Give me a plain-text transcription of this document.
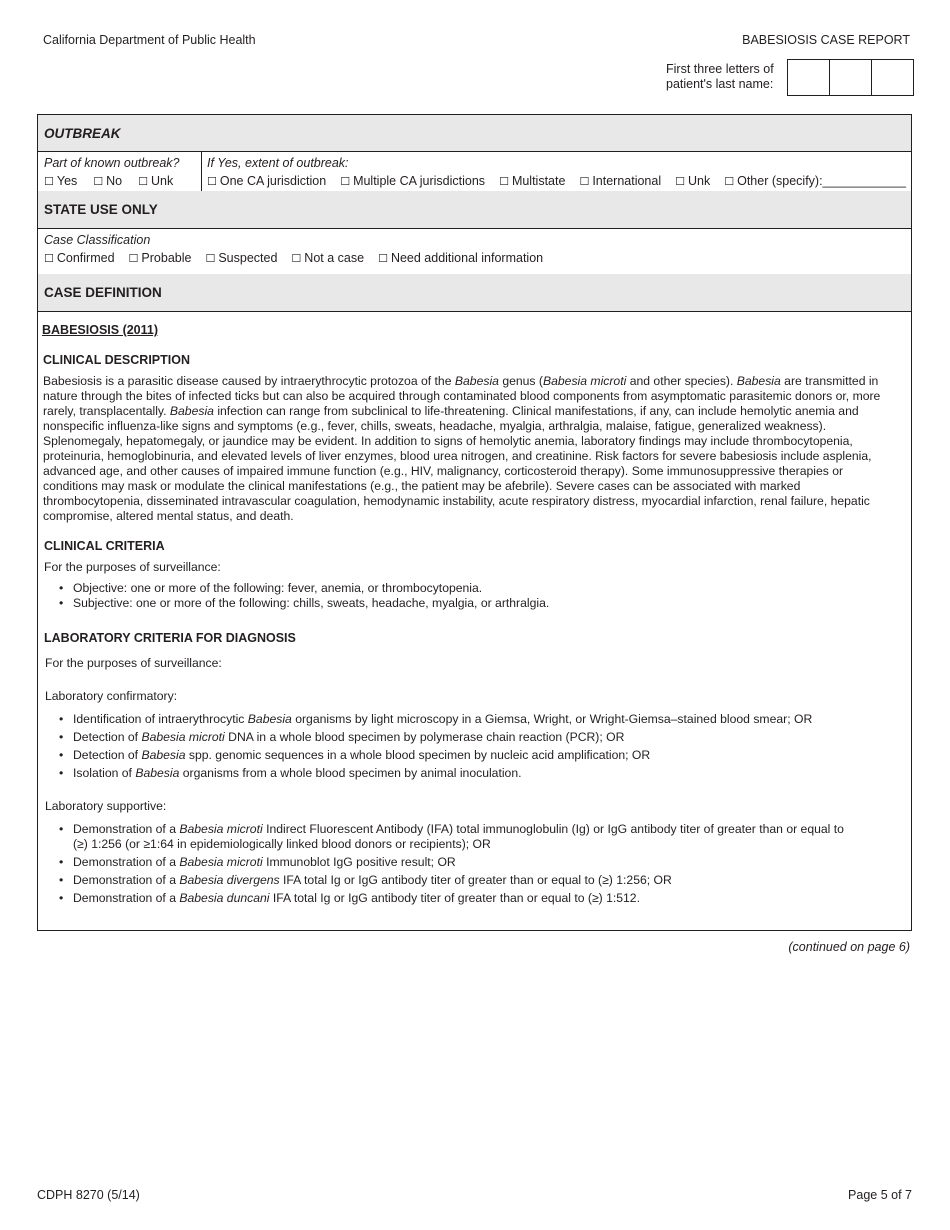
California Department of Public Health	BABESIOSIS CASE REPORT
First three letters of patient's last name:
OUTBREAK
Part of known outbreak?
☐ Yes ☐ No ☐ Unk
If Yes, extent of outbreak:
☐ One CA jurisdiction ☐ Multiple CA jurisdictions ☐ Multistate ☐ International ☐ Unk ☐ Other (specify):____________
STATE USE ONLY
Case Classification
☐ Confirmed ☐ Probable ☐ Suspected ☐ Not a case ☐ Need additional information
CASE DEFINITION
BABESIOSIS (2011)
CLINICAL DESCRIPTION

Babesiosis is a parasitic disease caused by intraerythrocytic protozoa of the Babesia genus (Babesia microti and other species). Babesia are transmitted in nature through the bites of infected ticks but can also be acquired through contaminated blood components from asymptomatic parasitemic donors or, more rarely, transplacentally. Babesia infection can range from subclinical to life-threatening. Clinical manifestations, if any, can include hemolytic anemia and nonspecific influenza-like signs and symptoms (e.g., fever, chills, sweats, headache, myalgia, arthralgia, malaise, fatigue, generalized weakness). Splenomegaly, hepatomegaly, or jaundice may be evident. In addition to signs of hemolytic anemia, laboratory findings may include thrombocytopenia, proteinuria, hemoglobinuria, and elevated levels of liver enzymes, blood urea nitrogen, and creatinine. Risk factors for severe babesiosis include asplenia, advanced age, and other causes of impaired immune function (e.g., HIV, malignancy, corticosteroid therapy). Some immunosuppressive therapies or conditions may mask or modulate the clinical manifestations (e.g., the patient may be afebrile). Severe cases can be associated with marked thrombocytopenia, disseminated intravascular coagulation, hemodynamic instability, acute respiratory distress, myocardial infarction, renal failure, hepatic compromise, altered mental status, and death.

CLINICAL CRITERIA

For the purposes of surveillance:

• Objective: one or more of the following: fever, anemia, or thrombocytopenia.
• Subjective: one or more of the following: chills, sweats, headache, myalgia, or arthralgia.
LABORATORY CRITERIA FOR DIAGNOSIS

For the purposes of surveillance:

Laboratory confirmatory:

• Identification of intraerythrocytic Babesia organisms by light microscopy in a Giemsa, Wright, or Wright-Giemsa–stained blood smear; OR
• Detection of Babesia microti DNA in a whole blood specimen by polymerase chain reaction (PCR); OR
• Detection of Babesia spp. genomic sequences in a whole blood specimen by nucleic acid amplification; OR
• Isolation of Babesia organisms from a whole blood specimen by animal inoculation.

Laboratory supportive:

• Demonstration of a Babesia microti Indirect Fluorescent Antibody (IFA) total immunoglobulin (Ig) or IgG antibody titer of greater than or equal to (≥) 1:256 (or ≥1:64 in epidemiologically linked blood donors or recipients); OR
• Demonstration of a Babesia microti Immunoblot IgG positive result; OR
• Demonstration of a Babesia divergens IFA total Ig or IgG antibody titer of greater than or equal to (≥) 1:256; OR
• Demonstration of a Babesia duncani IFA total Ig or IgG antibody titer of greater than or equal to (≥) 1:512.
(continued on page 6)
CDPH 8270 (5/14)	Page 5 of 7
